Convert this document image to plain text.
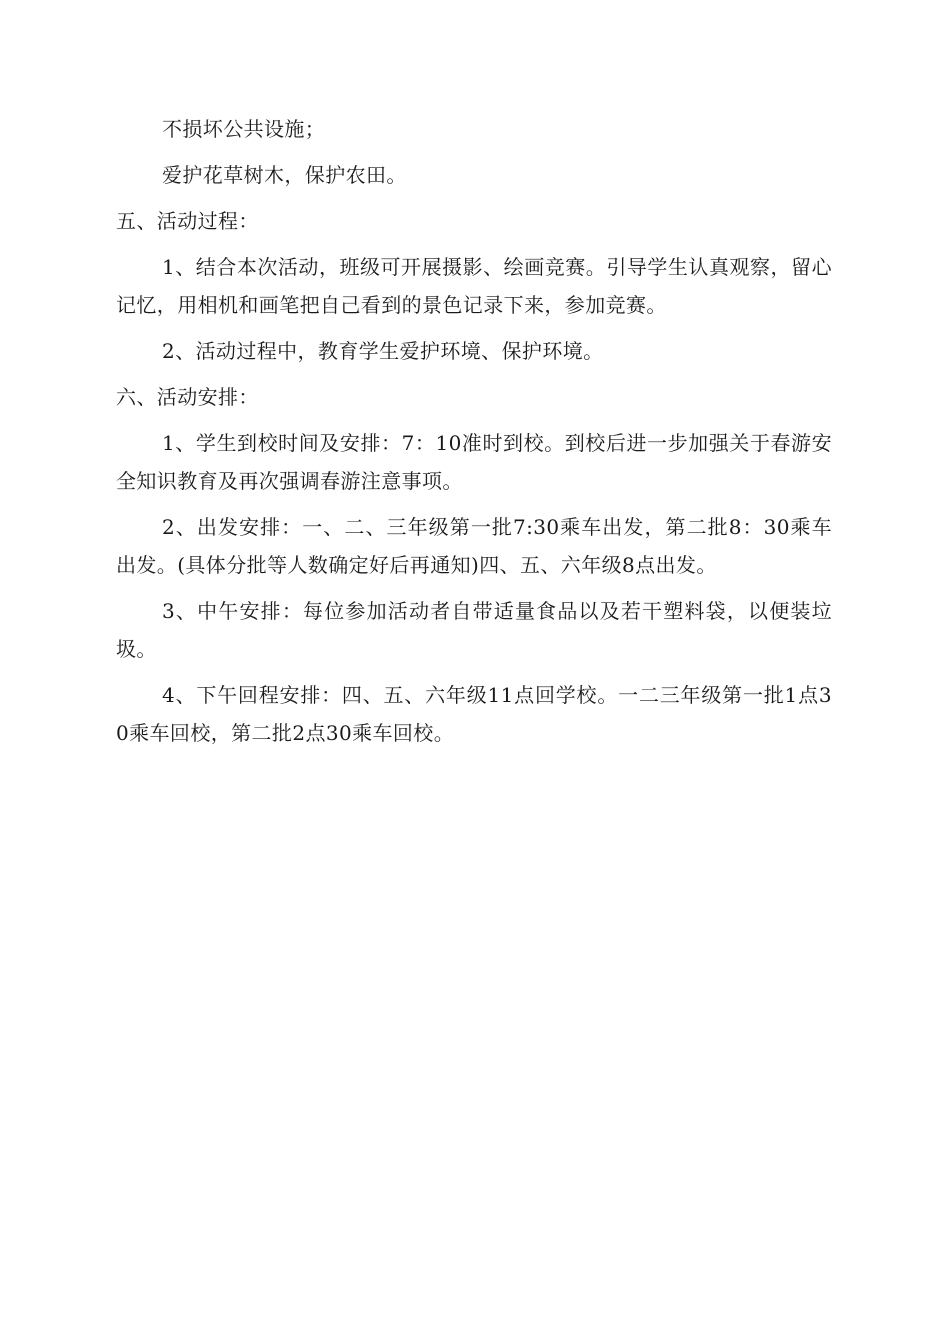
不损坏公共设施；

爱护花草树木，保护农田。

五、活动过程：

1、结合本次活动，班级可开展摄影、绘画竞赛。引导学生认真观察，留心记忆，用相机和画笔把自己看到的景色记录下来，参加竞赛。

2、活动过程中，教育学生爱护环境、保护环境。

六、活动安排：

1、学生到校时间及安排：7：10准时到校。到校后进一步加强关于春游安全知识教育及再次强调春游注意事项。

2、出发安排：一、二、三年级第一批7:30乘车出发，第二批8：30乘车出发。(具体分批等人数确定好后再通知)四、五、六年级8点出发。

3、中午安排：每位参加活动者自带适量食品以及若干塑料袋，以便装垃圾。

4、下午回程安排：四、五、六年级11点回学校。一二三年级第一批1点30乘车回校，第二批2点30乘车回校。
